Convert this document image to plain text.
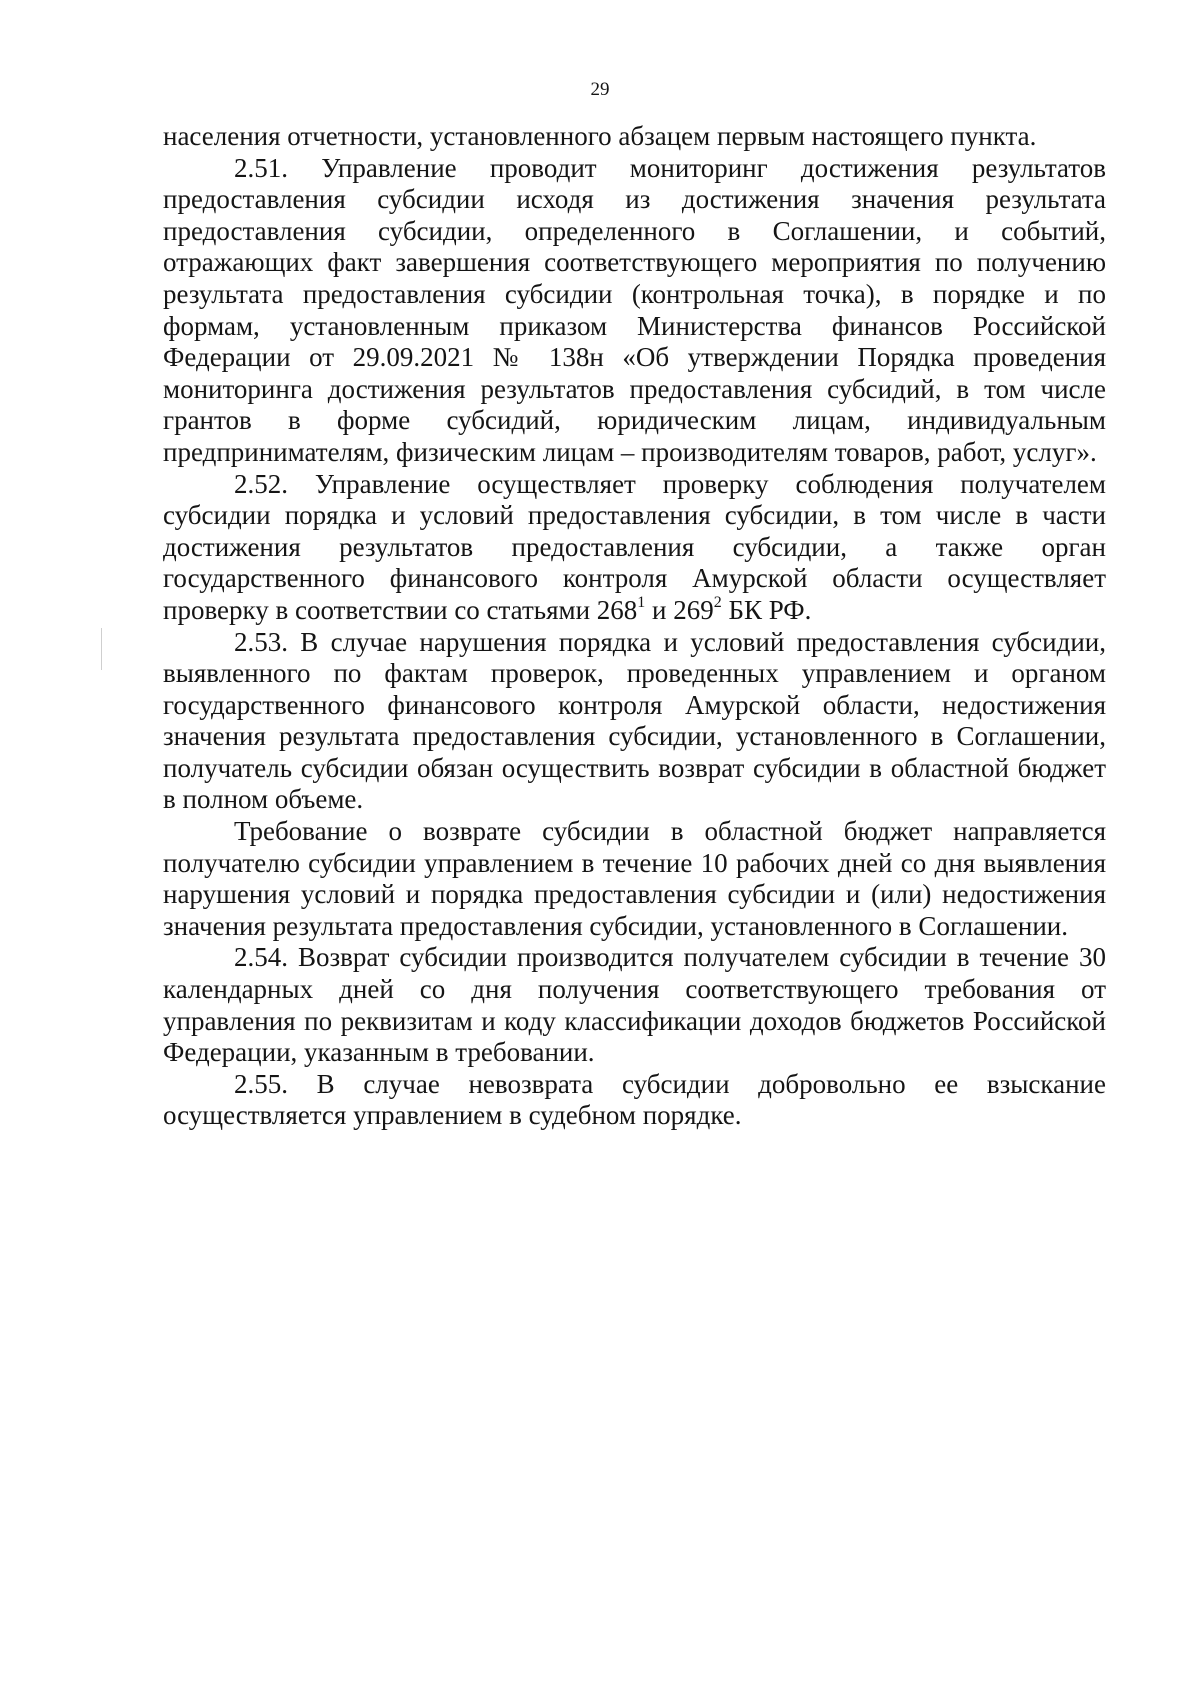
29

населения отчетности, установленного абзацем первым настоящего пункта.

2.51. Управление проводит мониторинг достижения результатов предоставления субсидии исходя из достижения значения результата предоставления субсидии, определенного в Соглашении, и событий, отражающих факт завершения соответствующего мероприятия по получению результата предоставления субсидии (контрольная точка), в порядке и по формам, установленным приказом Министерства финансов Российской Федерации от 29.09.2021 № 138н «Об утверждении Порядка проведения мониторинга достижения результатов предоставления субсидий, в том числе грантов в форме субсидий, юридическим лицам, индивидуальным предпринимателям, физическим лицам – производителям товаров, работ, услуг».

2.52. Управление осуществляет проверку соблюдения получателем субсидии порядка и условий предоставления субсидии, в том числе в части достижения результатов предоставления субсидии, а также орган государственного финансового контроля Амурской области осуществляет проверку в соответствии со статьями $268^1$ и $269^2$ БК РФ.

2.53. В случае нарушения порядка и условий предоставления субсидии, выявленного по фактам проверок, проведенных управлением и органом государственного финансового контроля Амурской области, недостижения значения результата предоставления субсидии, установленного в Соглашении, получатель субсидии обязан осуществить возврат субсидии в областной бюджет в полном объеме.

Требование о возврате субсидии в областной бюджет направляется получателю субсидии управлением в течение 10 рабочих дней со дня выявления нарушения условий и порядка предоставления субсидии и (или) недостижения значения результата предоставления субсидии, установленного в Соглашении.

2.54. Возврат субсидии производится получателем субсидии в течение 30 календарных дней со дня получения соответствующего требования от управления по реквизитам и коду классификации доходов бюджетов Российской Федерации, указанным в требовании.

2.55. В случае невозврата субсидии добровольно ее взыскание осуществляется управлением в судебном порядке.
